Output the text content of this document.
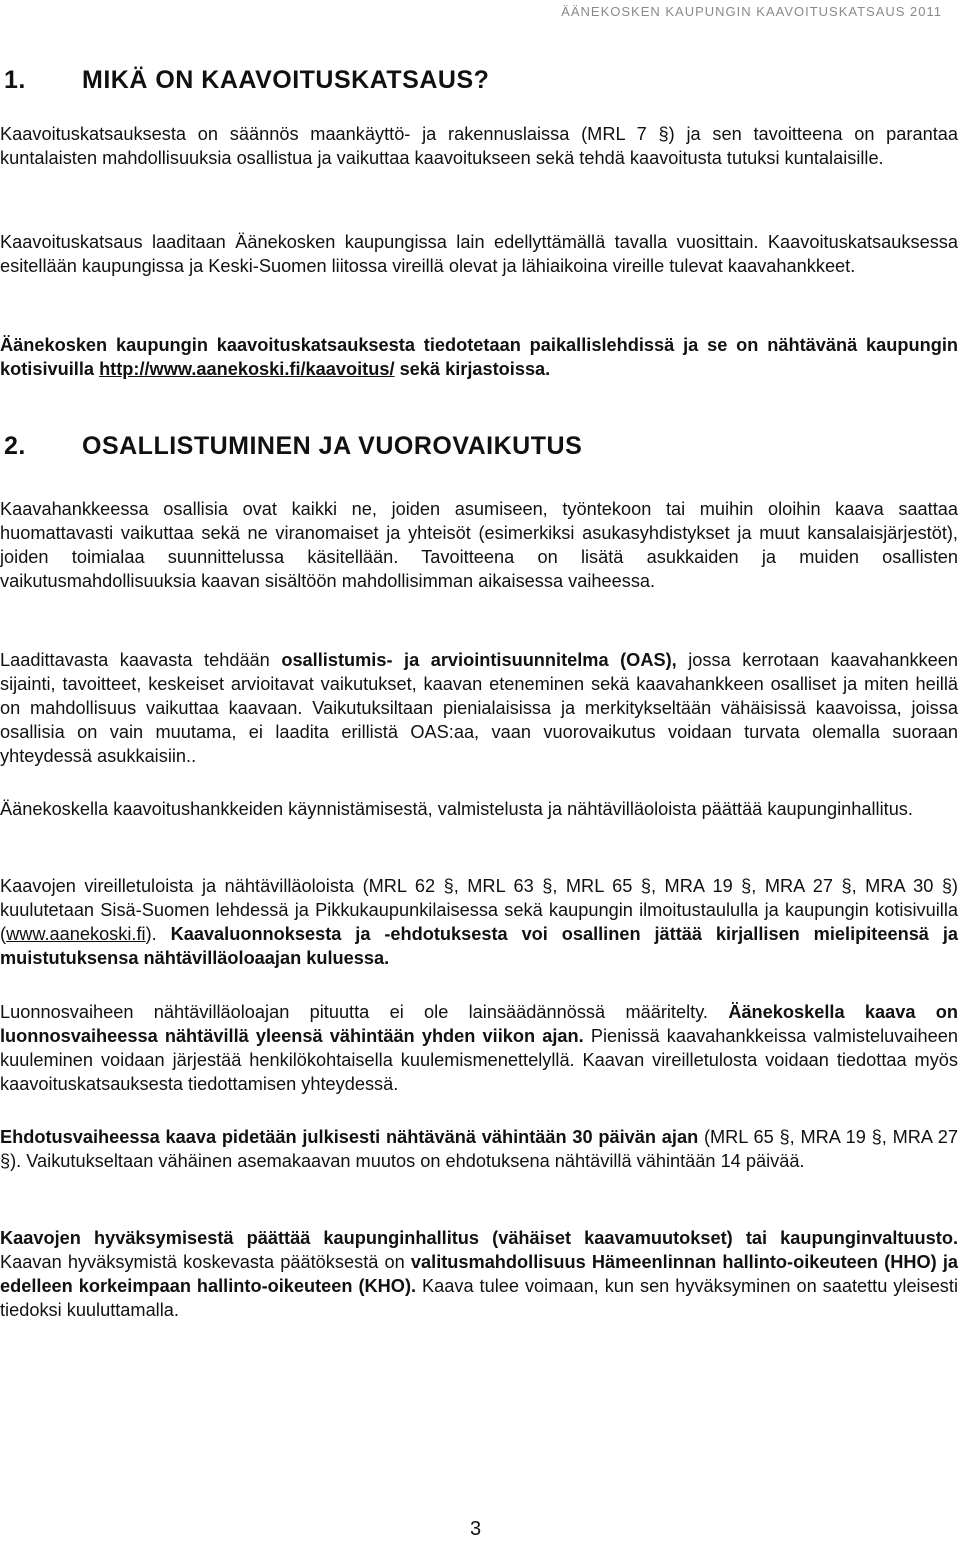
ÄÄNEKOSKEN KAUPUNGIN KAAVOITUSKATSAUS 2011
1. MIKÄ ON KAAVOITUSKATSAUS?

Kaavoituskatsauksesta on säännös maankäyttö- ja rakennuslaissa (MRL 7 §) ja sen tavoitteena on parantaa kuntalaisten mahdollisuuksia osallistua ja vaikuttaa kaavoitukseen sekä tehdä kaavoitusta tutuksi kuntalaisille.

Kaavoituskatsaus laaditaan Äänekosken kaupungissa lain edellyttämällä tavalla vuosittain. Kaavoituskatsauksessa esitellään kaupungissa ja Keski-Suomen liitossa vireillä olevat ja lähiaikoina vireille tulevat kaavahankkeet.

Äänekosken kaupungin kaavoituskatsauksesta tiedotetaan paikallislehdissä ja se on nähtävänä kaupungin kotisivuilla http://www.aanekoski.fi/kaavoitus/ sekä kirjastoissa.

2. OSALLISTUMINEN JA VUOROVAIKUTUS

Kaavahankkeessa osallisia ovat kaikki ne, joiden asumiseen, työntekoon tai muihin oloihin kaava saattaa huomattavasti vaikuttaa sekä ne viranomaiset ja yhteisöt (esimerkiksi asukasyhdistykset ja muut kansalaisjärjestöt), joiden toimialaa suunnittelussa käsitellään. Tavoitteena on lisätä asukkaiden ja muiden osallisten vaikutusmahdollisuuksia kaavan sisältöön mahdollisimman aikaisessa vaiheessa.

Laadittavasta kaavasta tehdään osallistumis- ja arviointisuunnitelma (OAS), jossa kerrotaan kaavahankkeen sijainti, tavoitteet, keskeiset arvioitavat vaikutukset, kaavan eteneminen sekä kaavahankkeen osalliset ja miten heillä on mahdollisuus vaikuttaa kaavaan. Vaikutuksiltaan pienialaisissa ja merkitykseltään vähäisissä kaavoissa, joissa osallisia on vain muutama, ei laadita erillistä OAS:aa, vaan vuorovaikutus voidaan turvata olemalla suoraan yhteydessä asukkaisiin..

Äänekoskella kaavoitushankkeiden käynnistämisestä, valmistelusta ja nähtävilläoloista päättää kaupunginhallitus.

Kaavojen vireilletuloista ja nähtävilläoloista (MRL 62 §, MRL 63 §, MRL 65 §, MRA 19 §, MRA 27 §, MRA 30 §) kuulutetaan Sisä-Suomen lehdessä ja Pikkukaupunkilaisessa sekä kaupungin ilmoitustaululla ja kaupungin kotisivuilla (www.aanekoski.fi). Kaavaluonnoksesta ja -ehdotuksesta voi osallinen jättää kirjallisen mielipiteensä ja muistutuksensa nähtävilläoloaajan kuluessa.

Luonnosvaiheen nähtävilläoloajan pituutta ei ole lainsäädännössä määritelty. Äänekoskella kaava on luonnosvaiheessa nähtävillä yleensä vähintään yhden viikon ajan. Pienissä kaavahankkeissa valmisteluvaiheen kuuleminen voidaan järjestää henkilökohtaisella kuulemismenettelyllä. Kaavan vireilletulosta voidaan tiedottaa myös kaavoituskatsauksesta tiedottamisen yhteydessä.

Ehdotusvaiheessa kaava pidetään julkisesti nähtävänä vähintään 30 päivän ajan (MRL 65 §, MRA 19 §, MRA 27 §). Vaikutukseltaan vähäinen asemakaavan muutos on ehdotuksena nähtävillä vähintään 14 päivää.

Kaavojen hyväksymisestä päättää kaupunginhallitus (vähäiset kaavamuutokset) tai kaupunginvaltuusto. Kaavan hyväksymistä koskevasta päätöksestä on valitusmahdollisuus Hämeenlinnan hallinto-oikeuteen (HHO) ja edelleen korkeimpaan hallinto-oikeuteen (KHO). Kaava tulee voimaan, kun sen hyväksyminen on saatettu yleisesti tiedoksi kuuluttamalla.

3
